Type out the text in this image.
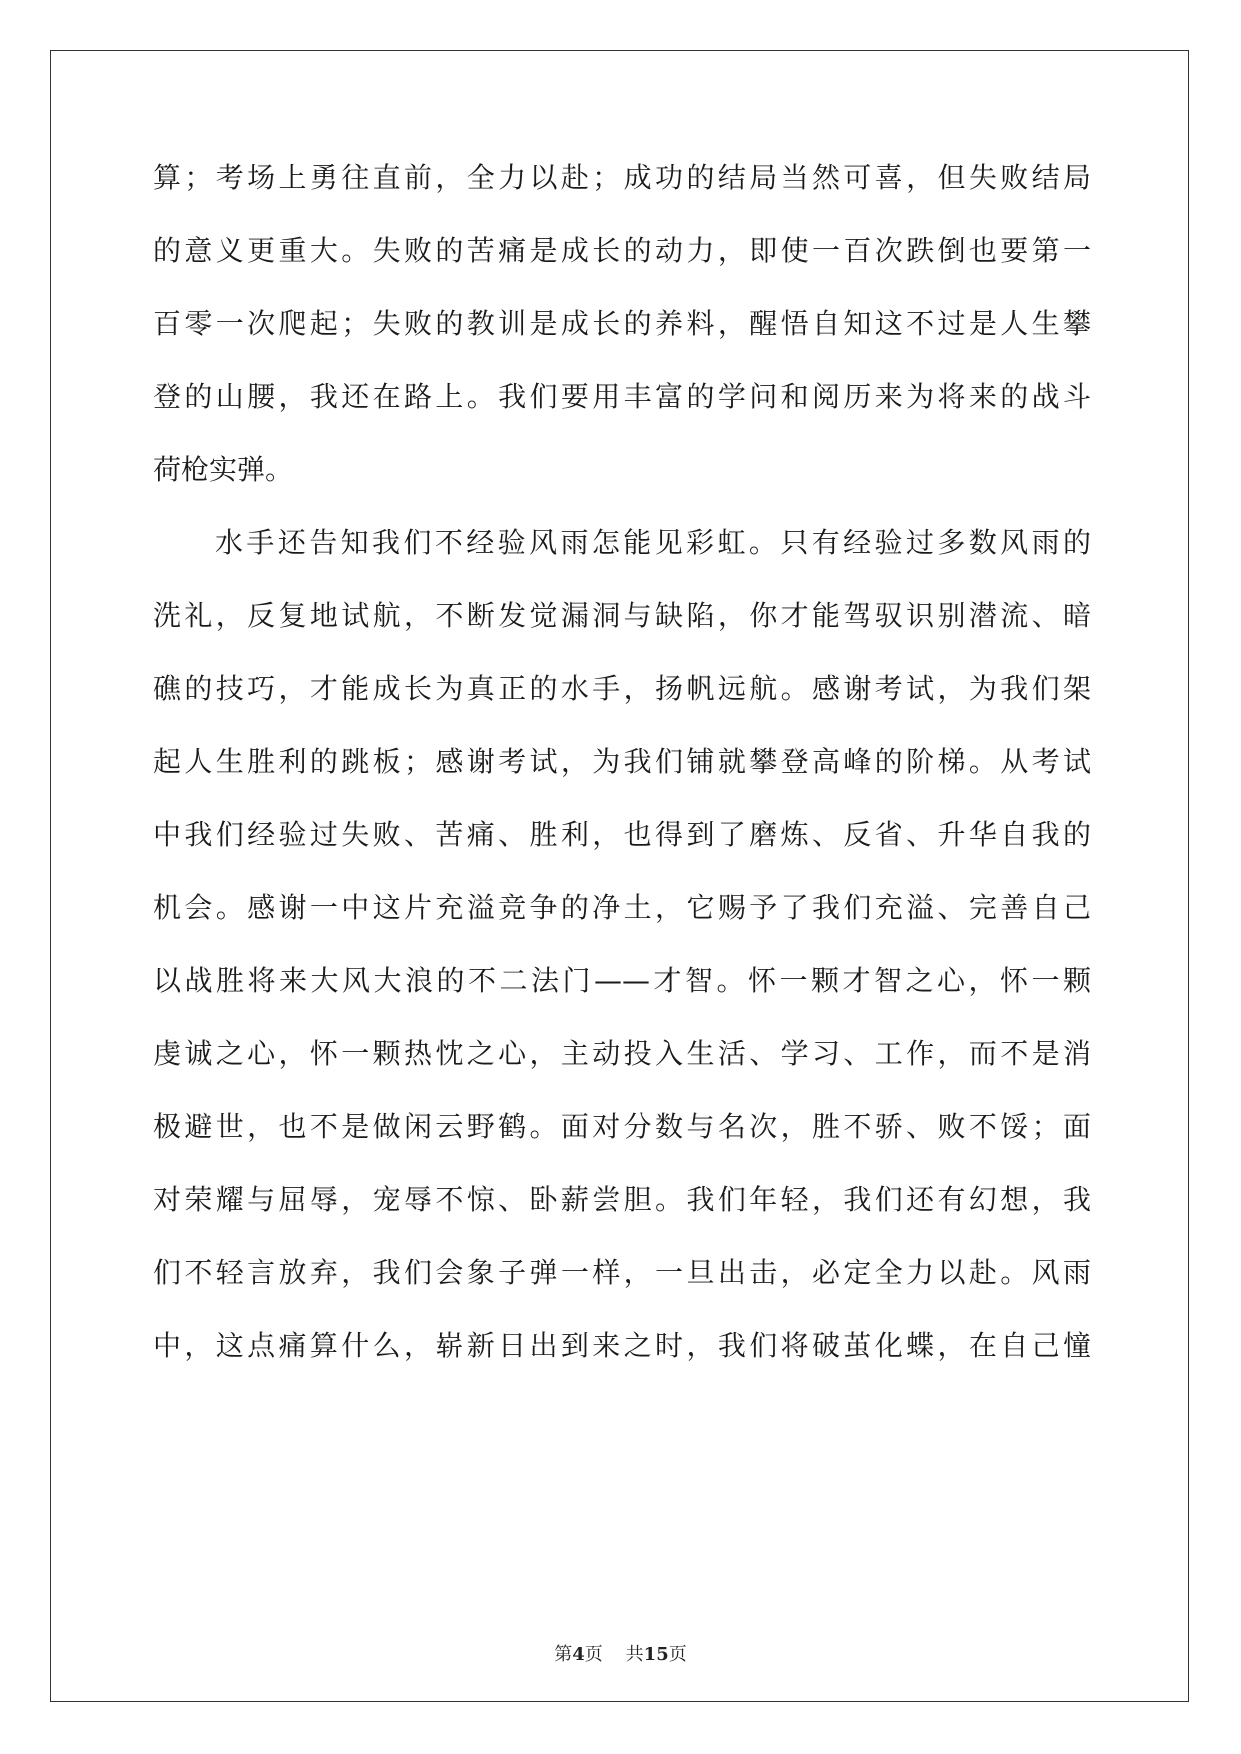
算；考场上勇往直前，全力以赴；成功的结局当然可喜，但失败结局
的意义更重大。失败的苦痛是成长的动力，即使一百次跌倒也要第一
百零一次爬起；失败的教训是成长的养料，醒悟自知这不过是人生攀
登的山腰，我还在路上。我们要用丰富的学问和阅历来为将来的战斗
荷枪实弹。
水手还告知我们不经验风雨怎能见彩虹。只有经验过多数风雨的
洗礼，反复地试航，不断发觉漏洞与缺陷，你才能驾驭识别潜流、暗
礁的技巧，才能成长为真正的水手，扬帆远航。感谢考试，为我们架
起人生胜利的跳板；感谢考试，为我们铺就攀登高峰的阶梯。从考试
中我们经验过失败、苦痛、胜利，也得到了磨炼、反省、升华自我的
机会。感谢一中这片充溢竞争的净土，它赐予了我们充溢、完善自己
以战胜将来大风大浪的不二法门——才智。怀一颗才智之心，怀一颗
虔诚之心，怀一颗热忱之心，主动投入生活、学习、工作，而不是消
极避世，也不是做闲云野鹤。面对分数与名次，胜不骄、败不馁；面
对荣耀与屈辱，宠辱不惊、卧薪尝胆。我们年轻，我们还有幻想，我
们不轻言放弃，我们会象子弹一样，一旦出击，必定全力以赴。风雨
中，这点痛算什么，崭新日出到来之时，我们将破茧化蝶，在自己憧
第4页 共15页
